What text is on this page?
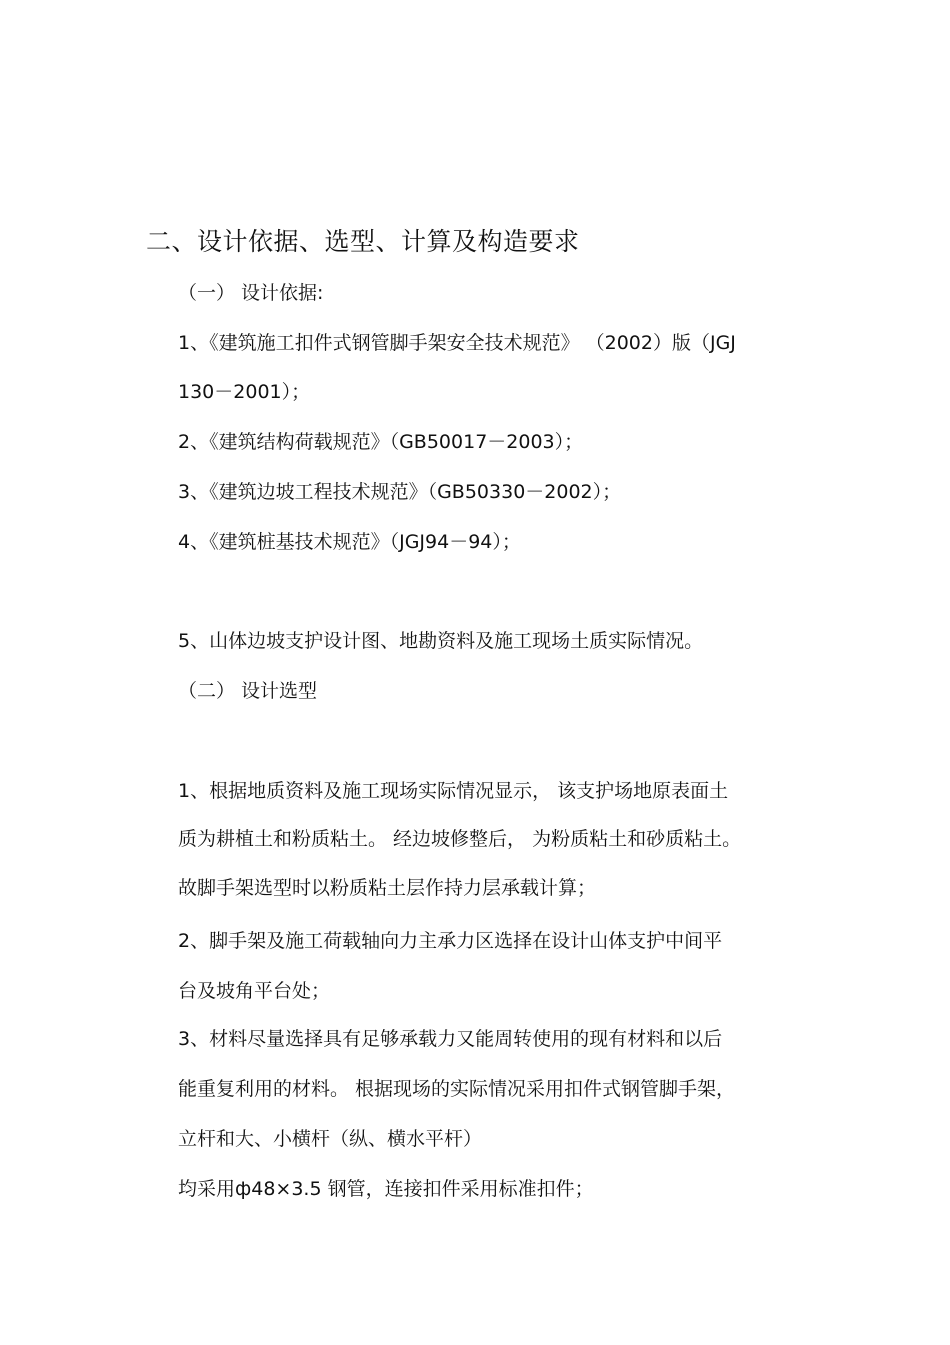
二、设计依据、选型、计算及构造要求
（一） 设计依据:
1、《建筑施工扣件式钢管脚手架安全技术规范》 （2002）版（JGJ
130－2001）；
2、《建筑结构荷载规范》（GB50017－2003）；
3、《建筑边坡工程技术规范》（GB50330－2002）；
4、《建筑桩基技术规范》（JGJ94－94）；
5、山体边坡支护设计图、地勘资料及施工现场土质实际情况。
（二） 设计选型
1、根据地质资料及施工现场实际情况显示， 该支护场地原表面土
质为耕植土和粉质粘土。 经边坡修整后， 为粉质粘土和砂质粘土。
故脚手架选型时以粉质粘土层作持力层承载计算；
2、脚手架及施工荷载轴向力主承力区选择在设计山体支护中间平
台及坡角平台处；
3、材料尽量选择具有足够承载力又能周转使用的现有材料和以后
能重复利用的材料。 根据现场的实际情况采用扣件式钢管脚手架，
立杆和大、小横杆（纵、横水平杆）
均采用ф48×3.5 钢管，连接扣件采用标准扣件；
